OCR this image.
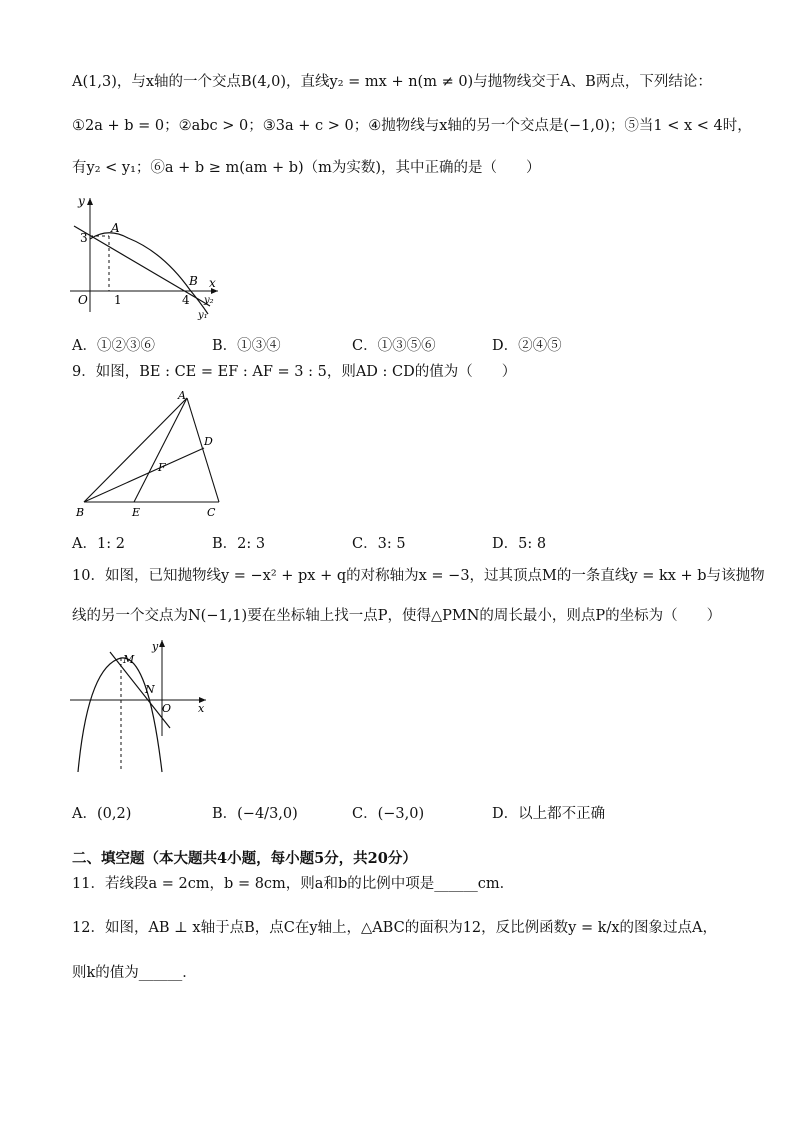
A(1,3)，与x轴的一个交点B(4,0)，直线y₂ = mx + n(m ≠ 0)与抛物线交于A、B两点，下列结论：
①2a + b = 0；②abc > 0；③3a + c > 0；④抛物线与x轴的另一个交点是(−1,0)；⑤当1 < x < 4时，
有y₂ < y₁；⑥a + b ≥ m(am + b)（m为实数)，其中正确的是（　　）
y
A
3
B x
O 1	4 y₂
y₁
A．①②③⑥	B．①③④	C．①③⑤⑥	D．②④⑤
9．如图，BE : CE = EF : AF = 3 : 5，则AD : CD的值为（　　）
A
D
F
B	E	C
A．1: 2	B．2: 3	C．3: 5	D．5: 8
10．如图，已知抛物线y = −x² + px + q的对称轴为x = −3，过其顶点M的一条直线y = kx + b与该抛物
线的另一个交点为N(−1,1)要在坐标轴上找一点P，使得△PMN的周长最小，则点P的坐标为（　　）
M
y
N
O x
A．(0,2)	B．(−4/3,0)	C．(−3,0)	D．以上都不正确
二、填空题（本大题共4小题，每小题5分，共20分）
11．若线段a = 2cm，b = 8cm，则a和b的比例中项是______cm．
12．如图，AB ⊥ x轴于点B，点C在y轴上，△ABC的面积为12，反比例函数y = k/x的图象过点A，
则k的值为______．
